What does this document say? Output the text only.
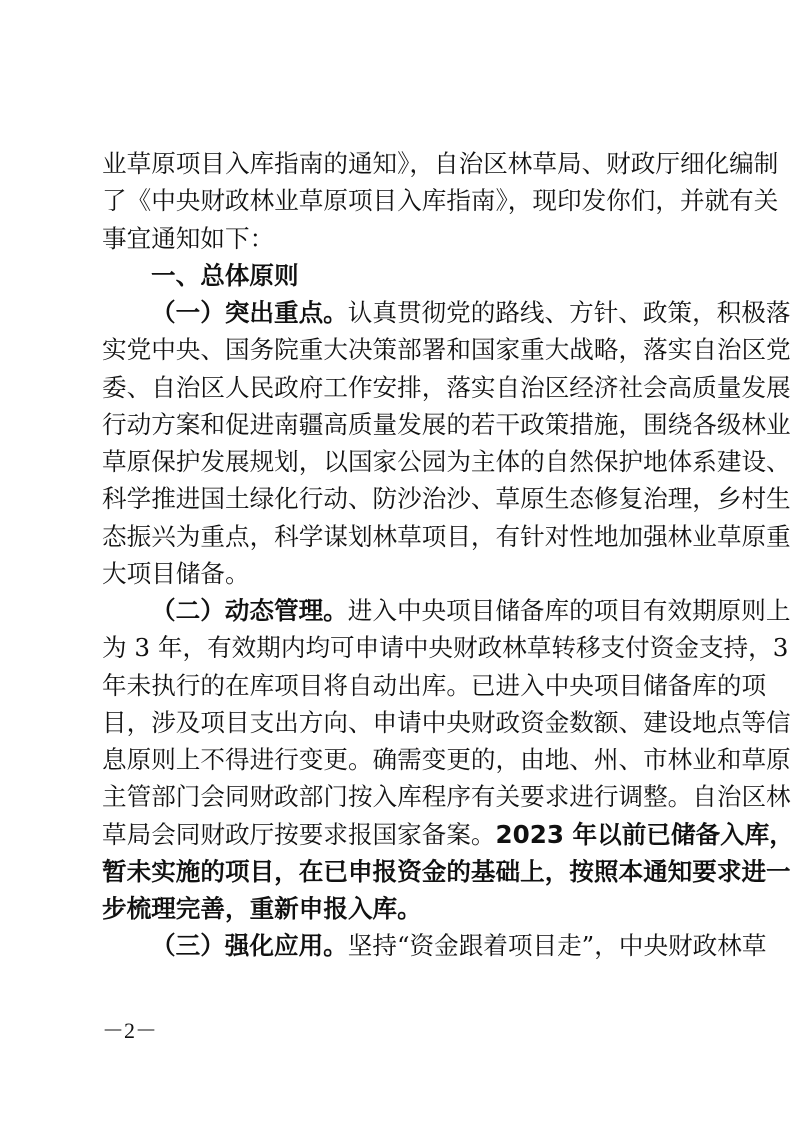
业草原项目入库指南的通知》，自治区林草局、财政厅细化编制
了《中央财政林业草原项目入库指南》，现印发你们，并就有关
事宜通知如下：
一、总体原则
（一）突出重点。认真贯彻党的路线、方针、政策，积极落
实党中央、国务院重大决策部署和国家重大战略，落实自治区党
委、自治区人民政府工作安排，落实自治区经济社会高质量发展
行动方案和促进南疆高质量发展的若干政策措施，围绕各级林业
草原保护发展规划，以国家公园为主体的自然保护地体系建设、
科学推进国土绿化行动、防沙治沙、草原生态修复治理，乡村生
态振兴为重点，科学谋划林草项目，有针对性地加强林业草原重
大项目储备。
（二）动态管理。进入中央项目储备库的项目有效期原则上
为 3 年，有效期内均可申请中央财政林草转移支付资金支持，3
年未执行的在库项目将自动出库。已进入中央项目储备库的项
目，涉及项目支出方向、申请中央财政资金数额、建设地点等信
息原则上不得进行变更。确需变更的，由地、州、市林业和草原
主管部门会同财政部门按入库程序有关要求进行调整。自治区林
草局会同财政厅按要求报国家备案。2023 年以前已储备入库，
暂未实施的项目，在已申报资金的基础上，按照本通知要求进一
步梳理完善，重新申报入库。
（三）强化应用。坚持“资金跟着项目走”，中央财政林草
－2－
